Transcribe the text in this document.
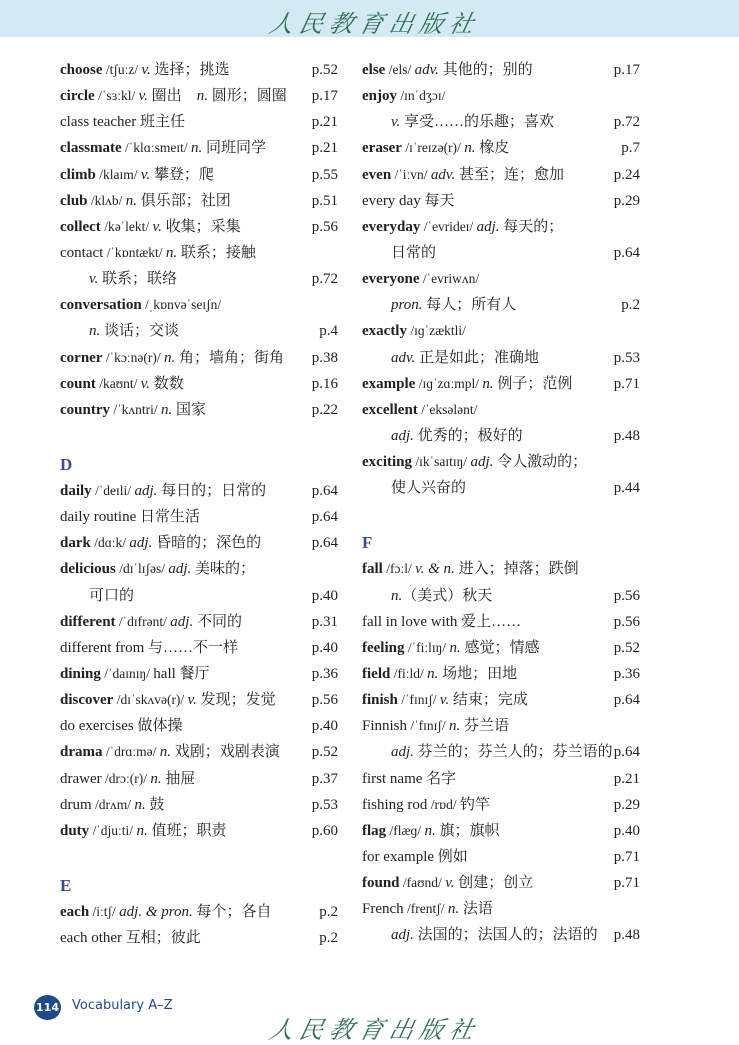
人民教育出版社
choose /tʃuːz/ v. 选择；挑选	p.52
circle /ˈsɜːkl/ v. 圈出　n. 圆形；圆圈 p.17
class teacher 班主任	p.21
classmate /ˈklɑːsmeɪt/ n. 同班同学	p.21
climb /klaɪm/ v. 攀登；爬	p.55
club /klʌb/ n. 俱乐部；社团	p.51
collect /kəˈlekt/ v. 收集；采集	p.56
contact /ˈkɒntækt/ n. 联系；接触
v. 联系；联络	p.72
conversation /ˌkɒnvəˈseɪʃn/
n. 谈话；交谈	p.4
corner /ˈkɔːnə(r)/ n. 角；墙角；街角 p.38
count /kaʊnt/ v. 数数	p.16
country /ˈkʌntri/ n. 国家	p.22
D
daily /ˈdeɪli/ adj. 每日的；日常的	p.64
daily routine 日常生活	p.64
dark /dɑːk/ adj. 昏暗的；深色的	p.64
delicious /dɪˈlɪʃəs/ adj. 美味的；
可口的	p.40
different /ˈdɪfrənt/ adj. 不同的	p.31
different from 与……不一样	p.40
dining /ˈdaɪnɪŋ/ hall 餐厅	p.36
discover /dɪˈskʌvə(r)/ v. 发现；发觉 p.56
do exercises 做体操	p.40
drama /ˈdrɑːmə/ n. 戏剧；戏剧表演 p.52
drawer /drɔː(r)/ n. 抽屉	p.37
drum /drʌm/ n. 鼓	p.53
duty /ˈdjuːti/ n. 值班；职责	p.60
E
each /iːtʃ/ adj. & pron. 每个；各自	p.2
each other 互相；彼此	p.2
else /els/ adv. 其他的；别的	p.17
enjoy /ɪnˈdʒɔɪ/
v. 享受……的乐趣；喜欢	p.72
eraser /ɪˈreɪzə(r)/ n. 橡皮	p.7
even /ˈiːvn/ adv. 甚至；连；愈加	p.24
every day 每天	p.29
everyday /ˈevrideɪ/ adj. 每天的；
日常的	p.64
everyone /ˈevriwʌn/
pron. 每人；所有人	p.2
exactly /ɪɡˈzæktli/
adv. 正是如此；准确地	p.53
example /ɪɡˈzɑːmpl/ n. 例子；范例	p.71
excellent /ˈeksələnt/
adj. 优秀的；极好的	p.48
exciting /ɪkˈsaɪtɪŋ/ adj. 令人激动的；
使人兴奋的	p.44
F
fall /fɔːl/ v. & n. 进入；掉落；跌倒
n.（美式）秋天	p.56
fall in love with 爱上……	p.56
feeling /ˈfiːlɪŋ/ n. 感觉；情感	p.52
field /fiːld/ n. 场地；田地	p.36
finish /ˈfɪnɪʃ/ v. 结束；完成	p.64
Finnish /ˈfɪnɪʃ/ n. 芬兰语
adj. 芬兰的；芬兰人的；芬兰语的 p.64
first name 名字	p.21
fishing rod /rɒd/ 钓竿	p.29
flag /flæɡ/ n. 旗；旗帜	p.40
for example 例如	p.71
found /faʊnd/ v. 创建；创立	p.71
French /frentʃ/ n. 法语
adj. 法国的；法国人的；法语的 p.48
114 Vocabulary A–Z
人民教育出版社
